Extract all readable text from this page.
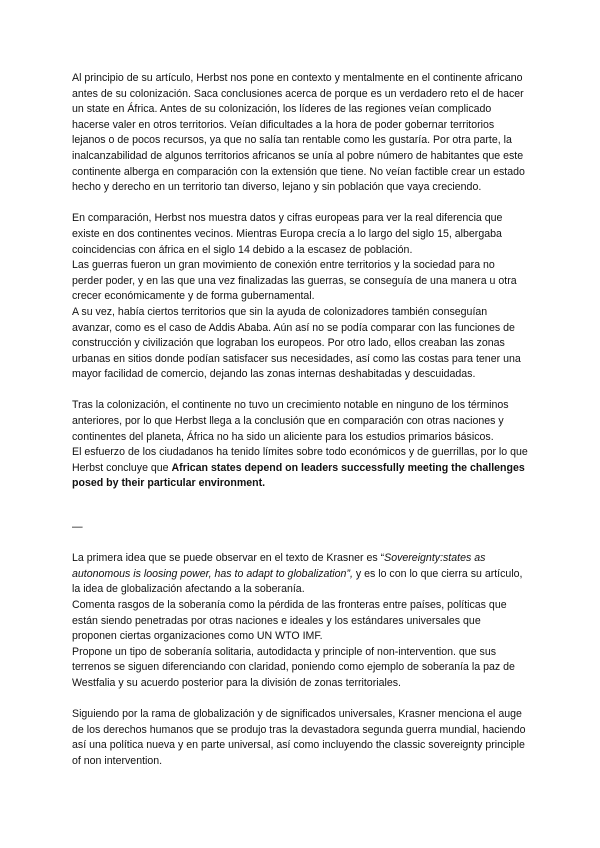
Al principio de su artículo, Herbst nos pone en contexto y mentalmente en el continente africano antes de su colonización. Saca conclusiones acerca de porque es un verdadero reto el de hacer un state en África. Antes de su colonización, los líderes de las regiones veían complicado hacerse valer en otros territorios. Veían dificultades a la hora de poder gobernar territorios lejanos o de pocos recursos, ya que no salía tan rentable como les gustaría. Por otra parte, la inalcanzabilidad de algunos territorios africanos se unía al pobre número de habitantes que este continente alberga en comparación con la extensión que tiene. No veían factible crear un estado hecho y derecho en un territorio tan diverso, lejano y sin población que vaya creciendo.

En comparación, Herbst nos muestra datos y cifras europeas para ver la real diferencia que existe en dos continentes vecinos. Mientras Europa crecía a lo largo del siglo 15, albergaba coincidencias con áfrica en el siglo 14 debido a la escasez de población.

Las guerras fueron un gran movimiento de conexión entre territorios y la sociedad para no perder poder, y en las que una vez finalizadas las guerras, se conseguía de una manera u otra crecer económicamente y de forma gubernamental.

A su vez, había ciertos territorios que sin la ayuda de colonizadores también conseguían avanzar, como es el caso de Addis Ababa. Aún así no se podía comparar con las funciones de construcción y civilización que lograban los europeos. Por otro lado, ellos creaban las zonas urbanas en sitios donde podían satisfacer sus necesidades, así como las costas para tener una mayor facilidad de comercio, dejando las zonas internas deshabitadas y descuidadas.

Tras la colonización, el continente no tuvo un crecimiento notable en ninguno de los términos anteriores, por lo que Herbst llega a la conclusión que en comparación con otras naciones y continentes del planeta, África no ha sido un aliciente para los estudios primarios básicos.

El esfuerzo de los ciudadanos ha tenido límites sobre todo económicos y de guerrillas, por lo que Herbst concluye que African states depend on leaders successfully meeting the challenges posed by their particular environment.

—

La primera idea que se puede observar en el texto de Krasner es “Sovereignty:states as autonomous is loosing power, has to adapt to globalization”, y es lo con lo que cierra su artículo, la idea de globalización afectando a la soberanía.

Comenta rasgos de la soberanía como la pérdida de las fronteras entre países, políticas que están siendo penetradas por otras naciones e ideales y los estándares universales que proponen ciertas organizaciones como UN WTO IMF.

Propone un tipo de soberanía solitaria, autodidacta y principle of non-intervention. que sus terrenos se siguen diferenciando con claridad, poniendo como ejemplo de soberanía la paz de Westfalia y su acuerdo posterior para la división de zonas territoriales.

Siguiendo por la rama de globalización y de significados universales, Krasner menciona el auge de los derechos humanos que se produjo tras la devastadora segunda guerra mundial, haciendo así una política nueva y en parte universal, así como incluyendo the classic sovereignty principle of non intervention.
